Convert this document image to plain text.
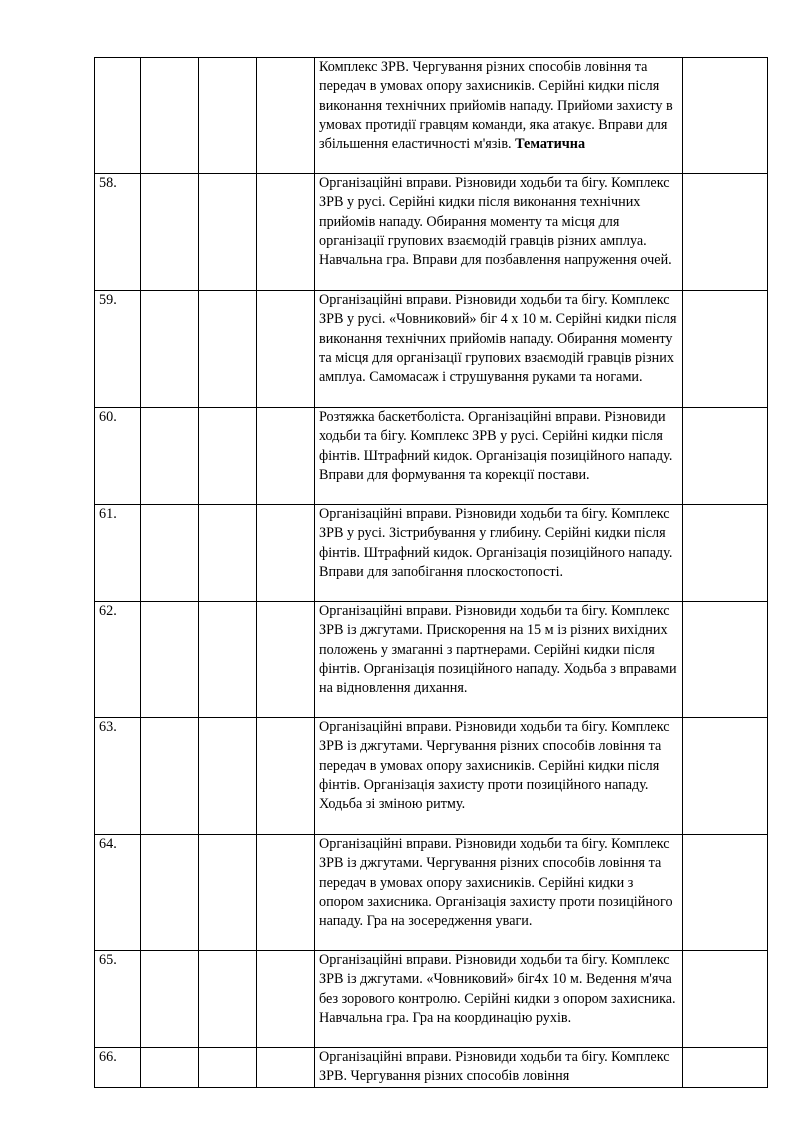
				Комплекс ЗРВ. Чергування різних способів ловіння та передач в умовах опору захисників. Серійні кидки після виконання технічних прийомів нападу. Прийоми захисту в умовах протидії гравцям команди, яка атакує. Вправи для збільшення еластичності м'язів. Тематична	
58.				Організаційні вправи. Різновиди ходьби та бігу. Комплекс ЗРВ у русі. Серійні кидки після виконання технічних прийомів нападу. Обирання моменту та місця для організації групових взаємодій гравців різних амплуа. Навчальна гра. Вправи для позбавлення напруження очей.	
59.				Організаційні вправи. Різновиди ходьби та бігу. Комплекс ЗРВ у русі. «Човниковий» біг 4 х 10 м. Серійні кидки після виконання технічних прийомів нападу. Обирання моменту та місця для організації групових взаємодій гравців різних амплуа. Самомасаж і струшування руками та ногами.	
60.				Розтяжка баскетболіста. Організаційні вправи. Різновиди ходьби та бігу. Комплекс ЗРВ у русі. Серійні кидки після фінтів. Штрафний кидок. Організація позиційного нападу. Вправи для формування та корекції постави.	
61.				Організаційні вправи. Різновиди ходьби та бігу. Комплекс ЗРВ у русі. Зістрибування у глибину. Серійні кидки після фінтів. Штрафний кидок. Організація позиційного нападу. Вправи для запобігання плоскостопості.	
62.				Організаційні вправи. Різновиди ходьби та бігу. Комплекс ЗРВ із джгутами. Прискорення на 15 м із різних вихідних положень у змаганні з партнерами. Серійні кидки після фінтів. Організація позиційного нападу. Ходьба з вправами на відновлення дихання.	
63.				Організаційні вправи. Різновиди ходьби та бігу. Комплекс ЗРВ із джгутами. Чергування різних способів ловіння та передач в умовах опору захисників. Серійні кидки після фінтів. Організація захисту проти позиційного нападу. Ходьба зі зміною ритму.	
64.				Організаційні вправи. Різновиди ходьби та бігу. Комплекс ЗРВ із джгутами. Чергування різних способів ловіння та передач в умовах опору захисників. Серійні кидки з опором захисника. Організація захисту проти позиційного нападу. Гра на зосередження уваги.	
65.				Організаційні вправи. Різновиди ходьби та бігу. Комплекс ЗРВ із джгутами. «Човниковий» біг4х 10 м. Ведення м'яча без зорового контролю. Серійні кидки з опором захисника. Навчальна гра. Гра на координацію рухів.	
66.				Організаційні вправи. Різновиди ходьби та бігу. Комплекс ЗРВ. Чергування різних способів ловіння	
